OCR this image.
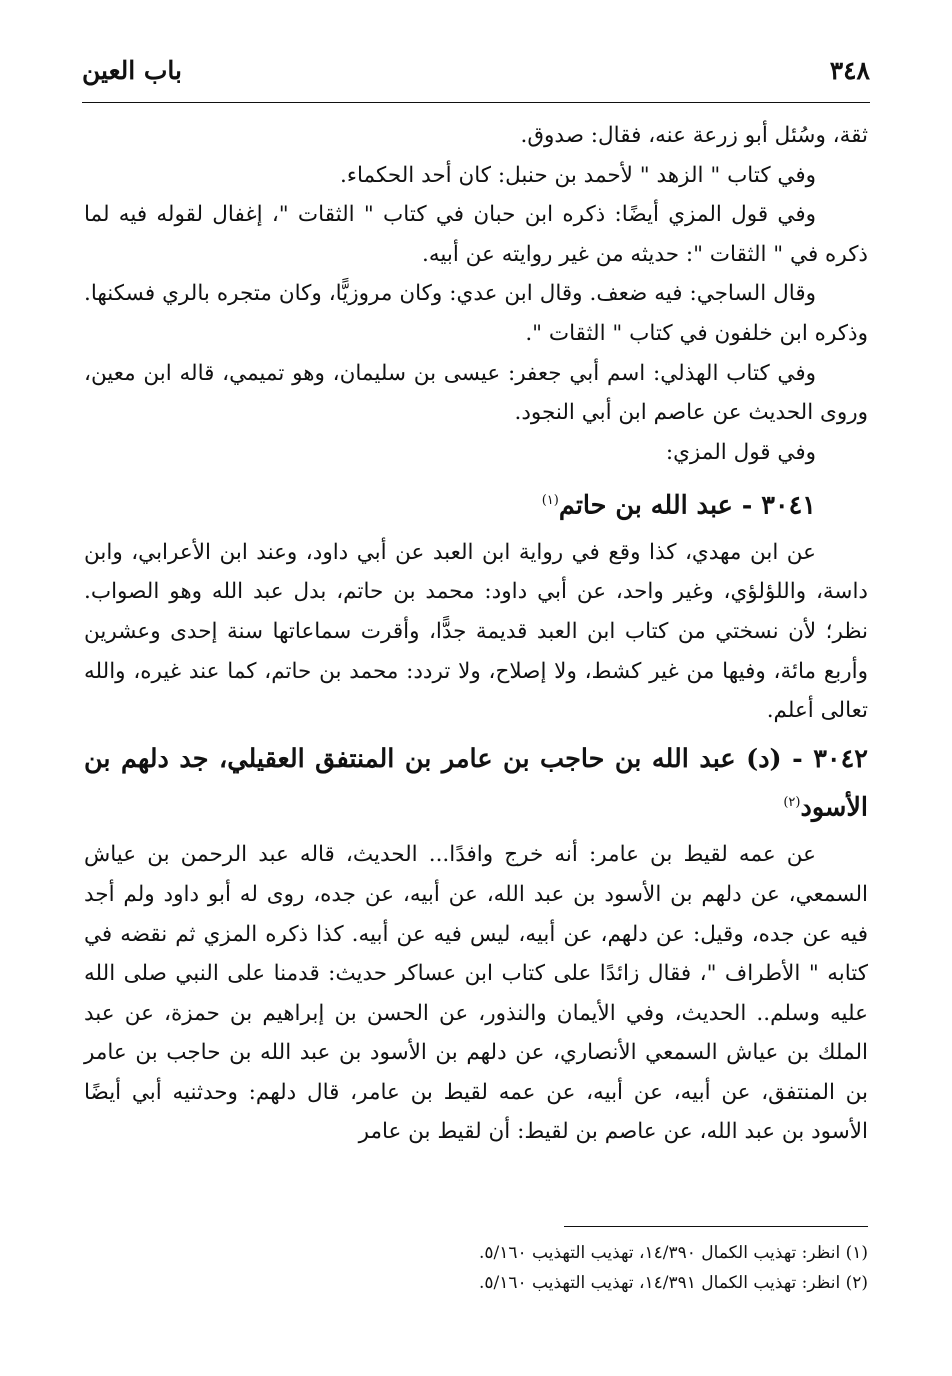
٣٤٨
باب العين

ثقة، وسُئل أبو زرعة عنه، فقال: صدوق.

وفي كتاب " الزهد " لأحمد بن حنبل: كان أحد الحكماء.

وفي قول المزي أيضًا: ذكره ابن حبان في كتاب " الثقات "، إغفال لقوله فيه لما ذكره في " الثقات ": حديثه من غير روايته عن أبيه.

وقال الساجي: فيه ضعف. وقال ابن عدي: وكان مروزيًّا، وكان متجره بالري فسكنها. وذكره ابن خلفون في كتاب " الثقات ".

وفي كتاب الهذلي: اسم أبي جعفر: عيسى بن سليمان، وهو تميمي، قاله ابن معين، وروى الحديث عن عاصم ابن أبي النجود.

وفي قول المزي:

٣٠٤١ - عبد الله بن حاتم$^{(١)}$

عن ابن مهدي، كذا وقع في رواية ابن العبد عن أبي داود، وعند ابن الأعرابي، وابن داسة، واللؤلؤي، وغير واحد، عن أبي داود: محمد بن حاتم، بدل عبد الله وهو الصواب. نظر؛ لأن نسختي من كتاب ابن العبد قديمة جدًّا، وأقرت سماعاتها سنة إحدى وعشرين وأربع مائة، وفيها من غير كشط، ولا إصلاح، ولا تردد: محمد بن حاتم، كما عند غيره، والله تعالى أعلم.

٣٠٤٢ - (د) عبد الله بن حاجب بن عامر بن المنتفق العقيلي، جد دلهم بن الأسود$^{(٢)}$

عن عمه لقيط بن عامر: أنه خرج وافدًا... الحديث، قاله عبد الرحمن بن عياش السمعي، عن دلهم بن الأسود بن عبد الله، عن أبيه، عن جده، روى له أبو داود ولم أجد فيه عن جده، وقيل: عن دلهم، عن أبيه، ليس فيه عن أبيه. كذا ذكره المزي ثم نقضه في كتابه " الأطراف "، فقال زائدًا على كتاب ابن عساكر حديث: قدمنا على النبي صلى الله عليه وسلم.. الحديث، وفي الأيمان والنذور، عن الحسن بن إبراهيم بن حمزة، عن عبد الملك بن عياش السمعي الأنصاري، عن دلهم بن الأسود بن عبد الله بن حاجب بن عامر بن المنتفق، عن أبيه، عن أبيه، عن عمه لقيط بن عامر، قال دلهم: وحدثنيه أبي أيضًا الأسود بن عبد الله، عن عاصم بن لقيط: أن لقيط بن عامر

(١) انظر: تهذيب الكمال ١٤/٣٩٠، تهذيب التهذيب ٥/١٦٠.

(٢) انظر: تهذيب الكمال ١٤/٣٩١، تهذيب التهذيب ٥/١٦٠.
